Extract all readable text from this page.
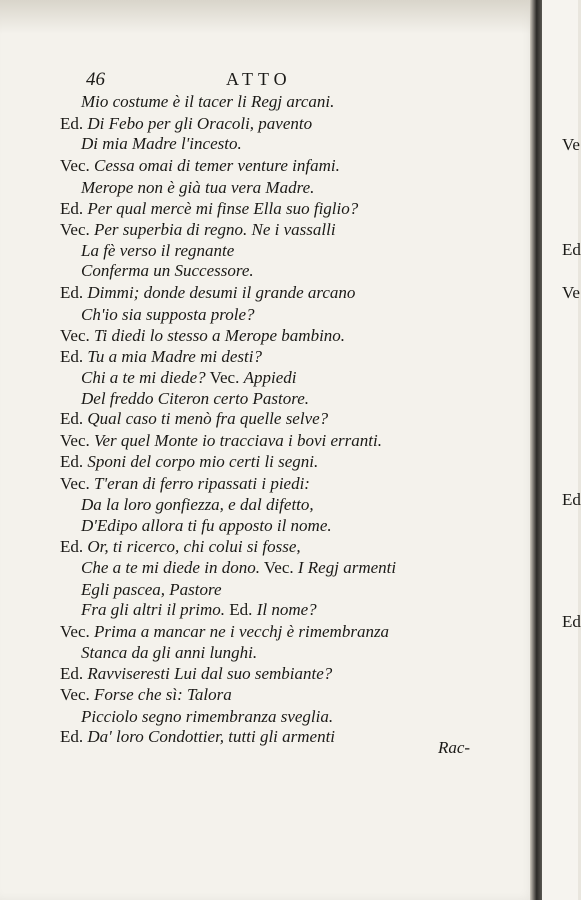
46	ATTO
Rac-
Mio costume è il tacer li Regj arcani.
Ed. Di Febo per gli Oracoli, pavento
Di mia Madre l'incesto.
Vec. Cessa omai di temer venture infami.
Merope non è già tua vera Madre.
Ed. Per qual mercè mi finse Ella suo figlio?
Vec. Per superbia di regno. Ne i vassalli
La fè verso il regnante
Conferma un Successore.
Ed. Dimmi; donde desumi il grande arcano
Ch'io sia supposta prole?
Vec. Ti diedi lo stesso a Merope bambino.
Ed. Tu a mia Madre mi desti?
Chi a te mi diede? Vec. Appiedi
Del freddo Citeron certo Pastore.
Ed. Qual caso ti menò fra quelle selve?
Vec. Ver quel Monte io tracciava i bovi erranti.
Ed. Sponi del corpo mio certi li segni.
Vec. T'eran di ferro ripassati i piedi:
Da la loro gonfiezza, e dal difetto,
D'Edipo allora ti fu apposto il nome.
Ed. Or, ti ricerco, chi colui si fosse,
Che a te mi diede in dono. Vec. I Regj armenti
Egli pascea, Pastore
Fra gli altri il primo. Ed. Il nome?
Vec. Prima a mancar ne i vecchj è rimembranza
Stanca da gli anni lunghi.
Ed. Ravviseresti Lui dal suo sembiante?
Vec. Forse che sì: Talora
Picciolo segno rimembranza sveglia.
Ed. Da' loro Condottier, tutti gli armenti
Ve
Ed
Ve
Ed
Ed
